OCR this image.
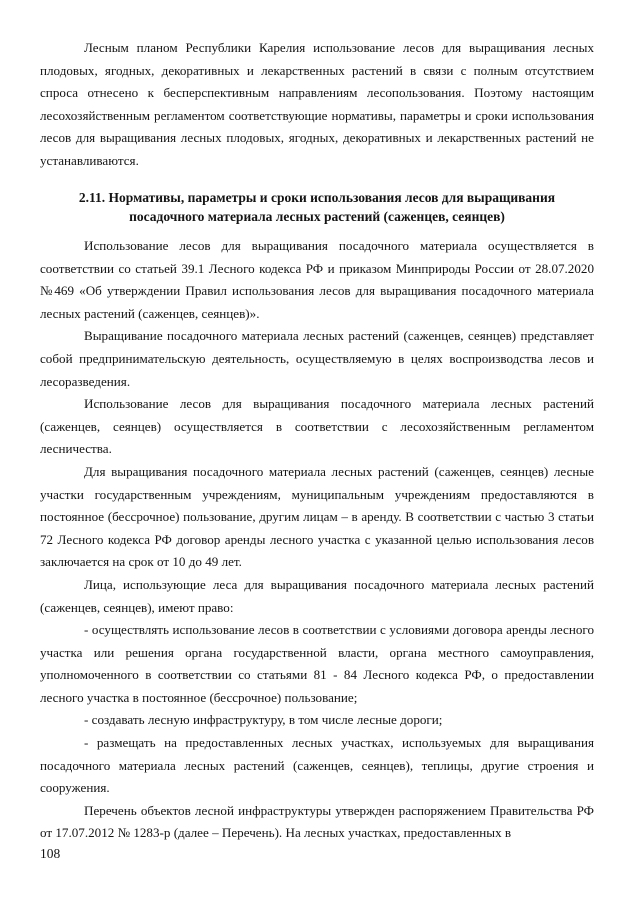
Лесным планом Республики Карелия использование лесов для выращивания лесных плодовых, ягодных, декоративных и лекарственных растений в связи с полным отсутствием спроса отнесено к бесперспективным направлениям лесопользования. Поэтому настоящим лесохозяйственным регламентом соответствующие нормативы, параметры и сроки использования лесов для выращивания лесных плодовых, ягодных, декоративных и лекарственных растений не устанавливаются.

2.11. Нормативы, параметры и сроки использования лесов для выращивания
посадочного материала лесных растений (саженцев, сеянцев)

Использование лесов для выращивания посадочного материала осуществляется в соответствии со статьей 39.1 Лесного кодекса РФ и приказом Минприроды России от 28.07.2020 №469 «Об утверждении Правил использования лесов для выращивания посадочного материала лесных растений (саженцев, сеянцев)».

Выращивание посадочного материала лесных растений (саженцев, сеянцев) представляет собой предпринимательскую деятельность, осуществляемую в целях воспроизводства лесов и лесоразведения.

Использование лесов для выращивания посадочного материала лесных растений (саженцев, сеянцев) осуществляется в соответствии с лесохозяйственным регламентом лесничества.

Для выращивания посадочного материала лесных растений (саженцев, сеянцев) лесные участки государственным учреждениям, муниципальным учреждениям предоставляются в постоянное (бессрочное) пользование, другим лицам – в аренду. В соответствии с частью 3 статьи 72 Лесного кодекса РФ договор аренды лесного участка с указанной целью использования лесов заключается на срок от 10 до 49 лет.

Лица, использующие леса для выращивания посадочного материала лесных растений (саженцев, сеянцев), имеют право:

- осуществлять использование лесов в соответствии с условиями договора аренды лесного участка или решения органа государственной власти, органа местного самоуправления, уполномоченного в соответствии со статьями 81 - 84 Лесного кодекса РФ, о предоставлении лесного участка в постоянное (бессрочное) пользование;

- создавать лесную инфраструктуру, в том числе лесные дороги;

- размещать на предоставленных лесных участках, используемых для выращивания посадочного материала лесных растений (саженцев, сеянцев), теплицы, другие строения и сооружения.

Перечень объектов лесной инфраструктуры утвержден распоряжением Правительства РФ от 17.07.2012 № 1283-р (далее – Перечень). На лесных участках, предоставленных в

108
